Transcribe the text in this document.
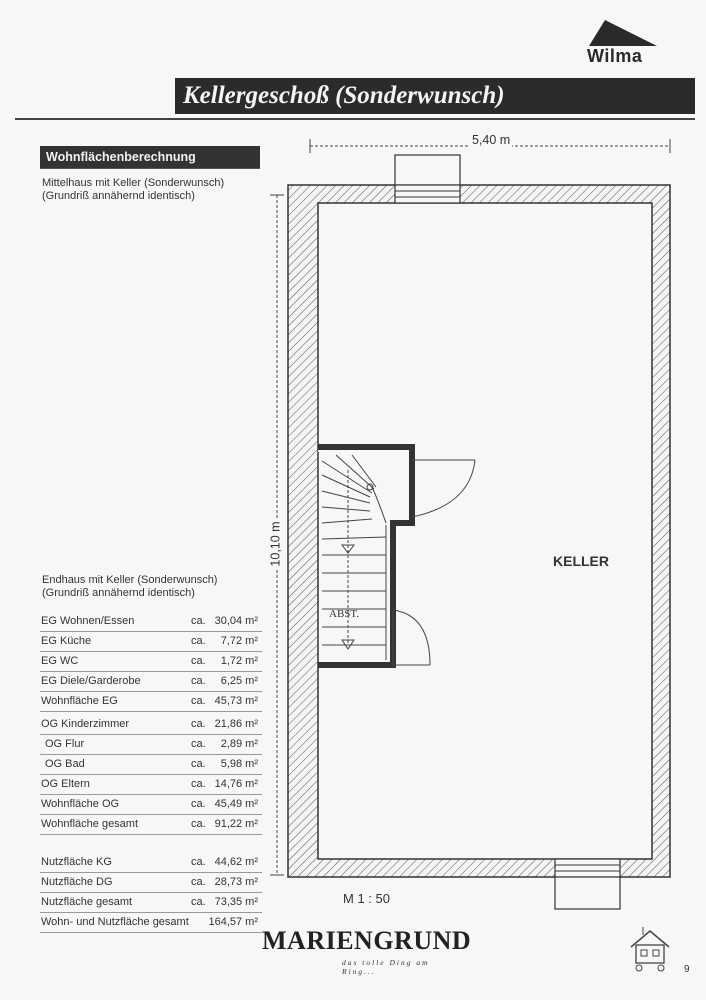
Wilma
Kellergeschoß (Sonderwunsch)
Wohnflächenberechnung
Mittelhaus mit Keller (Sonderwunsch)
(Grundriß annähernd identisch)
Endhaus mit Keller (Sonderwunsch)
(Grundriß annähernd identisch)
EG Wohnen/Essen	ca. 30,04 m²
EG Küche	ca. 7,72 m²
EG WC	ca. 1,72 m²
EG Diele/Garderobe	ca. 6,25 m²
Wohnfläche EG	ca. 45,73 m²
OG Kinderzimmer	ca. 21,86 m²
OG Flur	ca. 2,89 m²
OG Bad	ca. 5,98 m²
OG Eltern	ca. 14,76 m²
Wohnfläche OG	ca. 45,49 m²
Wohnfläche gesamt	ca. 91,22 m²
Nutzfläche KG	ca. 44,62 m²
Nutzfläche DG	ca. 28,73 m²
Nutzfläche gesamt	ca. 73,35 m²
Wohn- und Nutzfläche gesamt 164,57 m²
5,40 m
10,10 m	KELLER
ABST.
M 1 : 50
MARIENGRUND
das tolle Ding am Ring...	9
